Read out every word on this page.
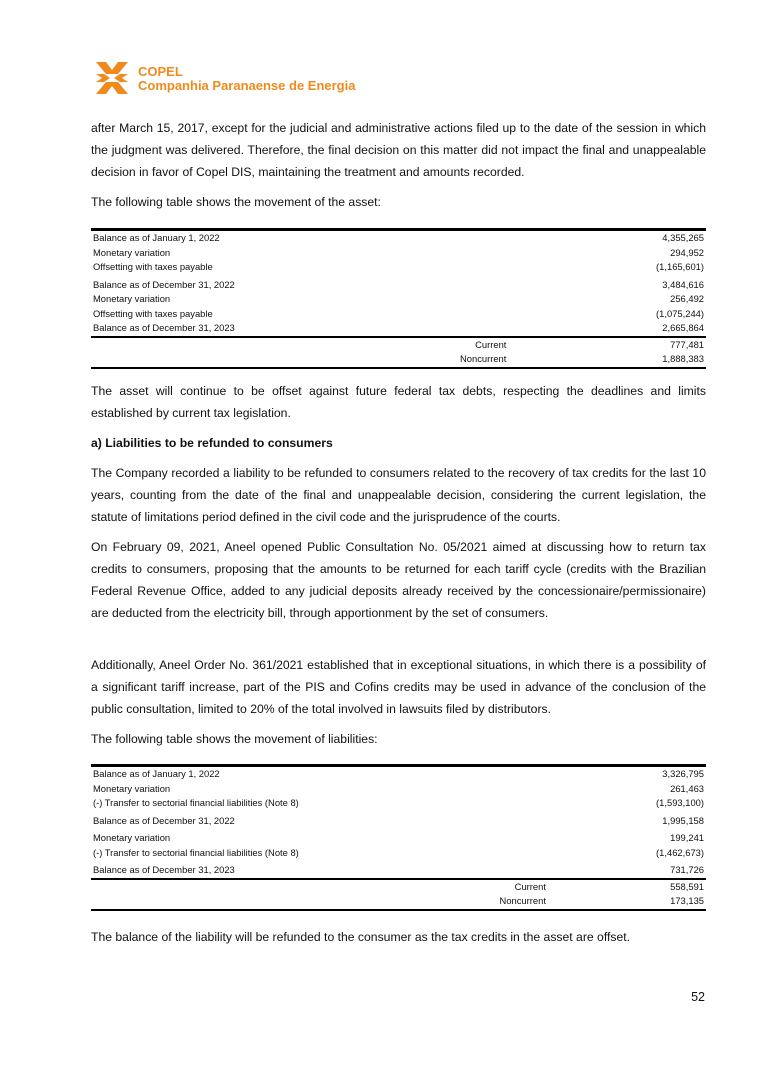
COPEL
Companhia Paranaense de Energia

after March 15, 2017, except for the judicial and administrative actions filed up to the date of the session in which the judgment was delivered. Therefore, the final decision on this matter did not impact the final and unappealable decision in favor of Copel DIS, maintaining the treatment and amounts recorded.

The following table shows the movement of the asset:

Balance as of January 1, 2022	4,355,265
Monetary variation	294,952
Offsetting with taxes payable	(1,165,601)
Balance as of December 31, 2022	3,484,616
Monetary variation	256,492
Offsetting with taxes payable	(1,075,244)
Balance as of December 31, 2023	2,665,864
Current	777,481
Noncurrent	1,888,383

The asset will continue to be offset against future federal tax debts, respecting the deadlines and limits established by current tax legislation.

a) Liabilities to be refunded to consumers

The Company recorded a liability to be refunded to consumers related to the recovery of tax credits for the last 10 years, counting from the date of the final and unappealable decision, considering the current legislation, the statute of limitations period defined in the civil code and the jurisprudence of the courts.

On February 09, 2021, Aneel opened Public Consultation No. 05/2021 aimed at discussing how to return tax credits to consumers, proposing that the amounts to be returned for each tariff cycle (credits with the Brazilian Federal Revenue Office, added to any judicial deposits already received by the concessionaire/permissionaire) are deducted from the electricity bill, through apportionment by the set of consumers.

Additionally, Aneel Order No. 361/2021 established that in exceptional situations, in which there is a possibility of a significant tariff increase, part of the PIS and Cofins credits may be used in advance of the conclusion of the public consultation, limited to 20% of the total involved in lawsuits filed by distributors.

The following table shows the movement of liabilities:

Balance as of January 1, 2022	3,326,795
Monetary variation	261,463
(-) Transfer to sectorial financial liabilities (Note 8)	(1,593,100)
Balance as of December 31, 2022	1,995,158
Monetary variation	199,241
(-) Transfer to sectorial financial liabilities (Note 8)	(1,462,673)
Balance as of December 31, 2023	731,726
Current	558,591
Noncurrent	173,135

The balance of the liability will be refunded to the consumer as the tax credits in the asset are offset.

52
